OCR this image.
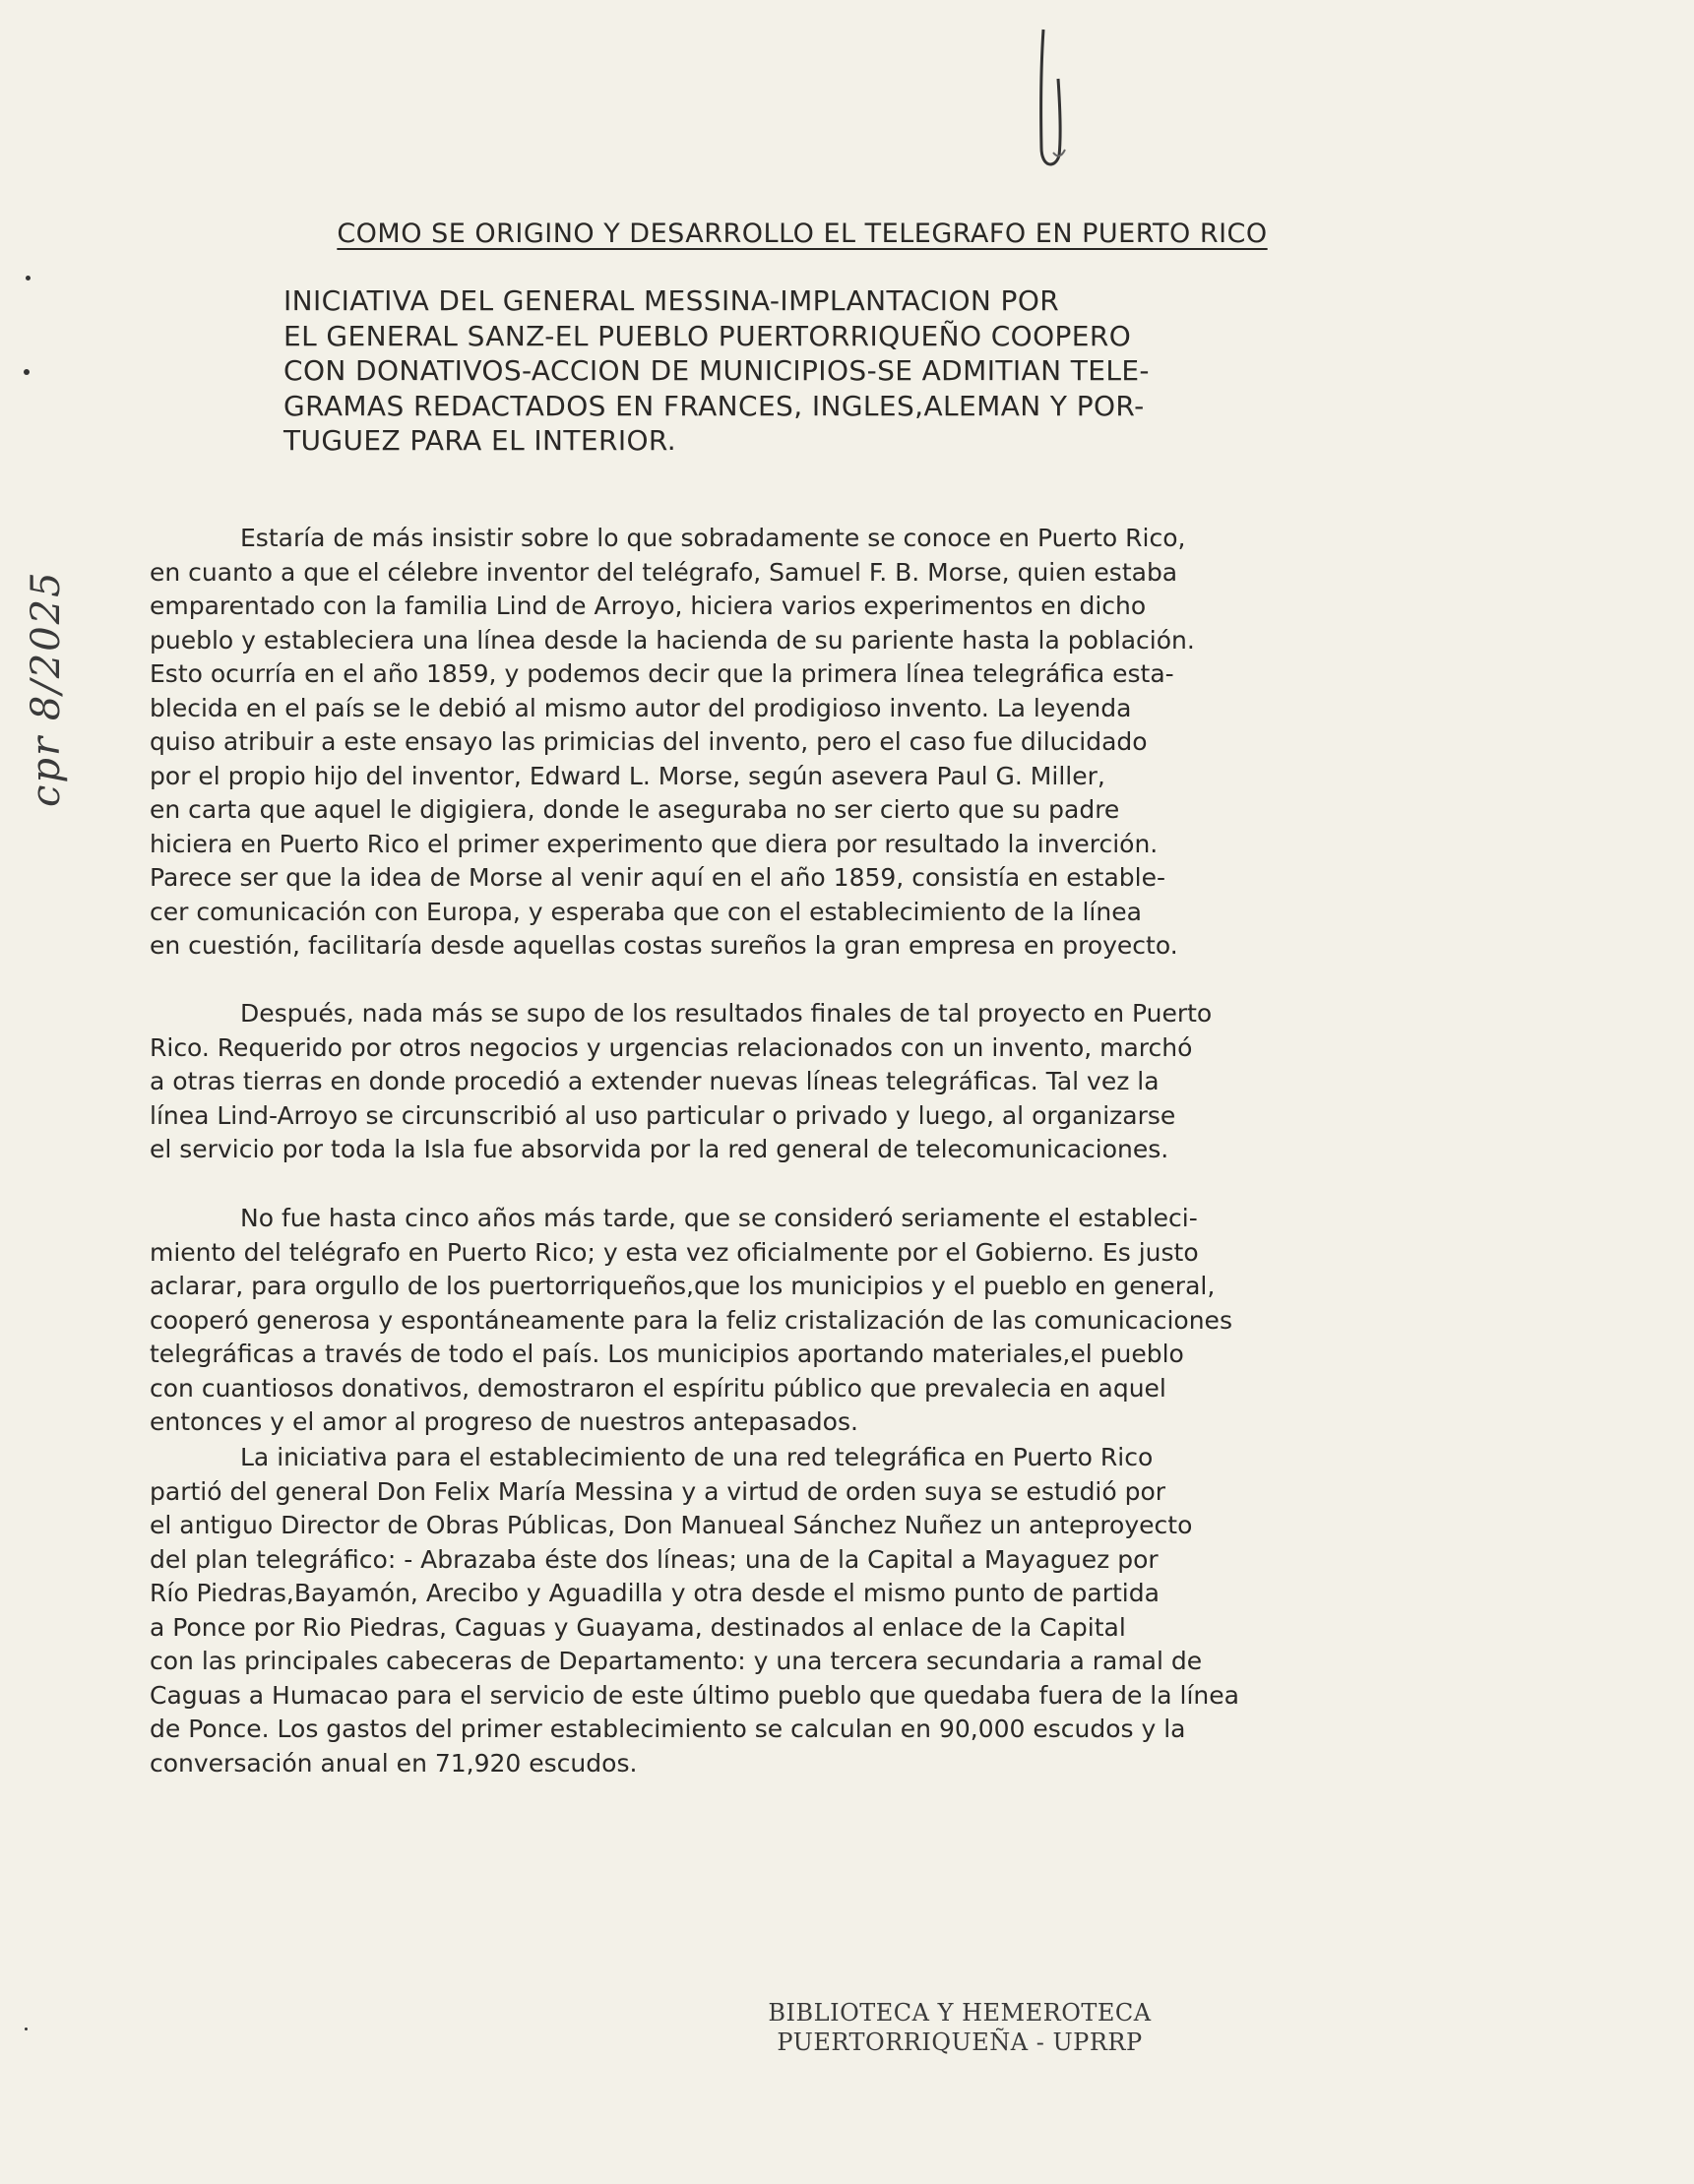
cpr 8/2025
COMO SE ORIGINO Y DESARROLLO EL TELEGRAFO EN PUERTO RICO
INICIATIVA DEL GENERAL MESSINA-IMPLANTACION POR
EL GENERAL SANZ-EL PUEBLO PUERTORRIQUEÑO COOPERO
CON DONATIVOS-ACCION DE MUNICIPIOS-SE ADMITIAN TELE-
GRAMAS REDACTADOS EN FRANCES, INGLES,ALEMAN Y POR-
TUGUEZ PARA EL INTERIOR.
Estaría de más insistir sobre lo que sobradamente se conoce en Puerto Rico,
en cuanto a que el célebre inventor del telégrafo, Samuel F. B. Morse, quien estaba
emparentado con la familia Lind de Arroyo, hiciera varios experimentos en dicho
pueblo y estableciera una línea desde la hacienda de su pariente hasta la población.
Esto ocurría en el año 1859, y podemos decir que la primera línea telegráfica esta-
blecida en el país se le debió al mismo autor del prodigioso invento. La leyenda
quiso atribuir a este ensayo las primicias del invento, pero el caso fue dilucidado
por el propio hijo del inventor, Edward L. Morse, según asevera Paul G. Miller,
en carta que aquel le digigiera, donde le aseguraba no ser cierto que su padre
hiciera en Puerto Rico el primer experimento que diera por resultado la inverción.
Parece ser que la idea de Morse al venir aquí en el año 1859, consistía en estable-
cer comunicación con Europa, y esperaba que con el establecimiento de la línea
en cuestión, facilitaría desde aquellas costas sureños la gran empresa en proyecto.
Después, nada más se supo de los resultados finales de tal proyecto en Puerto
Rico. Requerido por otros negocios y urgencias relacionados con un invento, marchó
a otras tierras en donde procedió a extender nuevas líneas telegráficas. Tal vez la
línea Lind-Arroyo se circunscribió al uso particular o privado y luego, al organizarse
el servicio por toda la Isla fue absorvida por la red general de telecomunicaciones.
No fue hasta cinco años más tarde, que se consideró seriamente el estableci-
miento del telégrafo en Puerto Rico; y esta vez oficialmente por el Gobierno. Es justo
aclarar, para orgullo de los puertorriqueños,que los municipios y el pueblo en general,
cooperó generosa y espontáneamente para la feliz cristalización de las comunicaciones
telegráficas a través de todo el país. Los municipios aportando materiales,el pueblo
con cuantiosos donativos, demostraron el espíritu público que prevalecia en aquel
entonces y el amor al progreso de nuestros antepasados.
La iniciativa para el establecimiento de una red telegráfica en Puerto Rico
partió del general Don Felix María Messina y a virtud de orden suya se estudió por
el antiguo Director de Obras Públicas, Don Manueal Sánchez Nuñez un anteproyecto
del plan telegráfico: - Abrazaba éste dos líneas; una de la Capital a Mayaguez por
Río Piedras,Bayamón, Arecibo y Aguadilla y otra desde el mismo punto de partida
a Ponce por Rio Piedras, Caguas y Guayama, destinados al enlace de la Capital
con las principales cabeceras de Departamento: y una tercera secundaria a ramal de
Caguas a Humacao para el servicio de este último pueblo que quedaba fuera de la línea
de Ponce. Los gastos del primer establecimiento se calculan en 90,000 escudos y la
conversación anual en 71,920 escudos.
BIBLIOTECA Y HEMEROTECA
PUERTORRIQUEÑA - UPRRP
